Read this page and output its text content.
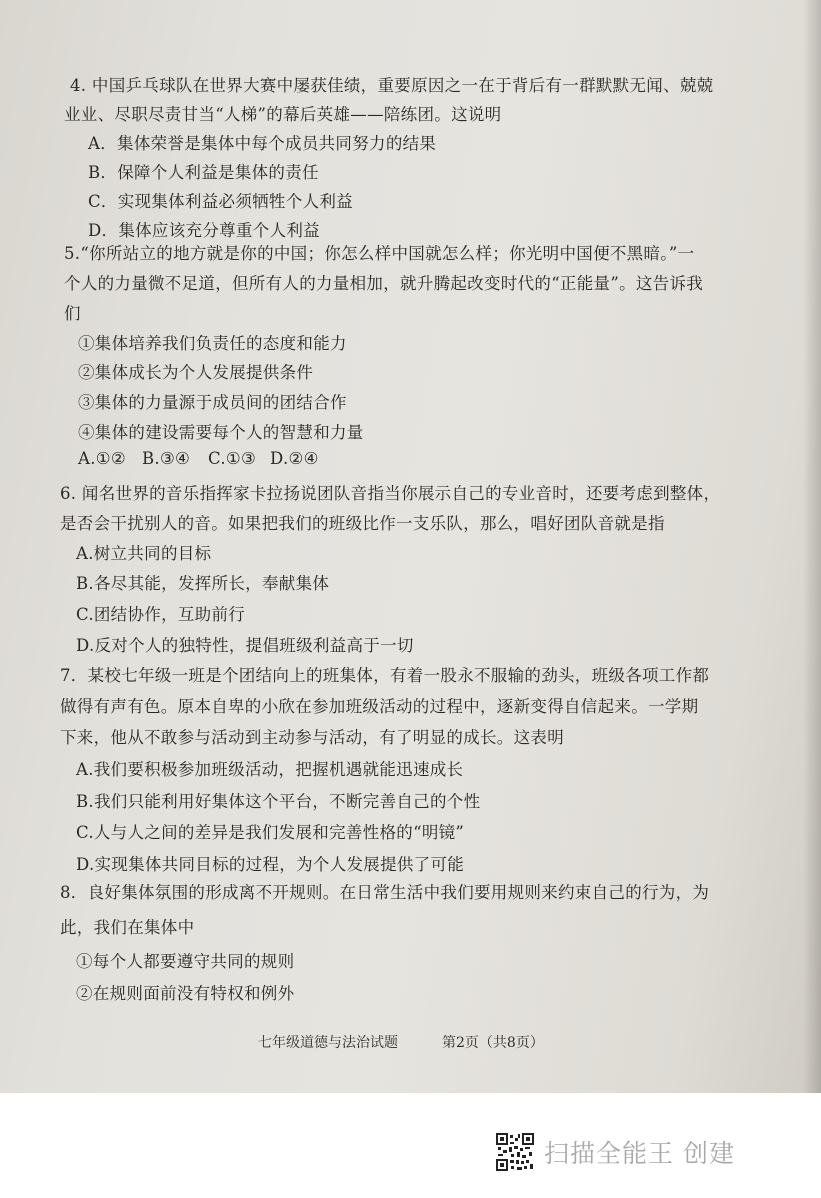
4. 中国乒乓球队在世界大赛中屡获佳绩，重要原因之一在于背后有一群默默无闻、兢兢
业业、尽职尽责甘当“人梯”的幕后英雄——陪练团。这说明
A．集体荣誉是集体中每个成员共同努力的结果
B．保障个人利益是集体的责任
C．实现集体利益必须牺牲个人利益
D．集体应该充分尊重个人利益
5.“你所站立的地方就是你的中国；你怎么样中国就怎么样；你光明中国便不黑暗。”一
个人的力量微不足道，但所有人的力量相加，就升腾起改变时代的“正能量”。这告诉我
们
①集体培养我们负责任的态度和能力
②集体成长为个人发展提供条件
③集体的力量源于成员间的团结合作
④集体的建设需要每个人的智慧和力量
A.①② B.③④ C.①③ D.②④
6. 闻名世界的音乐指挥家卡拉扬说团队音指当你展示自己的专业音时，还要考虑到整体，
是否会干扰别人的音。如果把我们的班级比作一支乐队，那么，唱好团队音就是指
A.树立共同的目标
B.各尽其能，发挥所长，奉献集体
C.团结协作，互助前行
D.反对个人的独特性，提倡班级利益高于一切
7．某校七年级一班是个团结向上的班集体，有着一股永不服输的劲头，班级各项工作都
做得有声有色。原本自卑的小欣在参加班级活动的过程中，逐新变得自信起来。一学期
下来，他从不敢参与活动到主动参与活动，有了明显的成长。这表明
A.我们要积极参加班级活动，把握机遇就能迅速成长
B.我们只能利用好集体这个平台，不断完善自己的个性
C.人与人之间的差异是我们发展和完善性格的“明镜”
D.实现集体共同目标的过程，为个人发展提供了可能
8．良好集体氛围的形成离不开规则。在日常生活中我们要用规则来约束自己的行为，为
此，我们在集体中
①每个人都要遵守共同的规则
②在规则面前没有特权和例外
七年级道德与法治试题	第2页（共8页）
扫描全能王 创建
